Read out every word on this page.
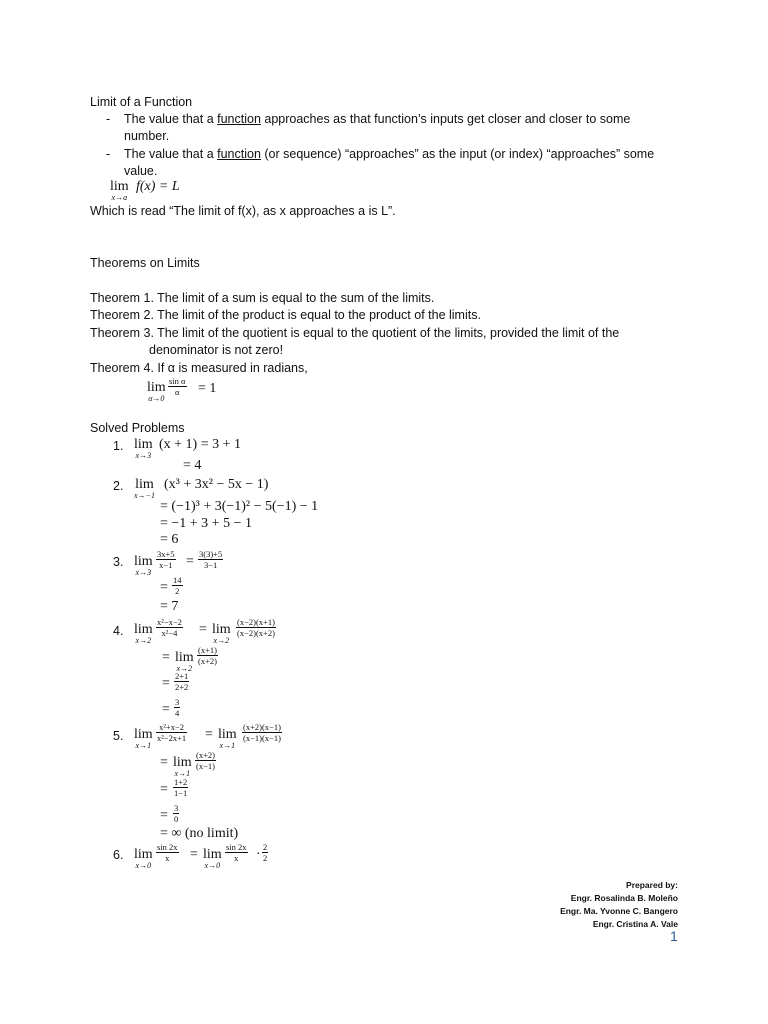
Limit of a Function
- The value that a function approaches as that function’s inputs get closer and closer to some
number.
- The value that a function (or sequence) “approaches” as the input (or index) “approaches” some
value.
lim
x→a
f(x) = L
Which is read “The limit of f(x), as x approaches a is L”.
Theorems on Limits
Theorem 1. The limit of a sum is equal to the sum of the limits.
Theorem 2. The limit of the product is equal to the product of the limits.
Theorem 3. The limit of the quotient is equal to the quotient of the limits, provided the limit of the
denominator is not zero!
Theorem 4. If α is measured in radians,
lim
α→0
$\frac{\text{sin α}}{\alpha} = 1$
Solved Problems
1. lim
x→3
(x + 1) = 3 + 1
= 4
2. lim
x→−1
(x³ + 3x² − 5x − 1)
= (−1)³ + 3(−1)² − 5(−1) − 1
= −1 + 3 + 5 − 1
= 6
3. lim
x→3
$\frac{3x+5}{x-1} = \frac{3(3)+5}{3-1}$
= $\frac{14}{2}$
= 7
4. lim
x→2
$\frac{\text{x²−x−2}}{\text{x²−4}} = \lim$
x→2
$\frac{(x-2)(x+1)}{(x-2)(x+2)}$
= lim
x→2
$\frac{(x+1)}{(x+2)}$
= $\frac{2+1}{2+2}$
= $\frac{3}{4}$
5. lim
x→1
$\frac{\text{x²+x−2}}{\text{x²−2x+1}} = \lim$
x→1
$\frac{(x+2)(x-1)}{(x-1)(x-1)}$
= lim
x→1
$\frac{(x+2)}{(x-1)}$
= $\frac{1+2}{1-1}$
= $\frac{3}{0}$
= ∞ (no limit)
6. lim
x→0
$\frac{\sin 2x}{x} = \lim$
x→0
$\frac{\sin 2x}{x} \cdot \frac{2}{2}$
Prepared by:
Engr. Rosalinda B. Moleño
Engr. Ma. Yvonne C. Bangero
Engr. Cristina A. Vale
1
